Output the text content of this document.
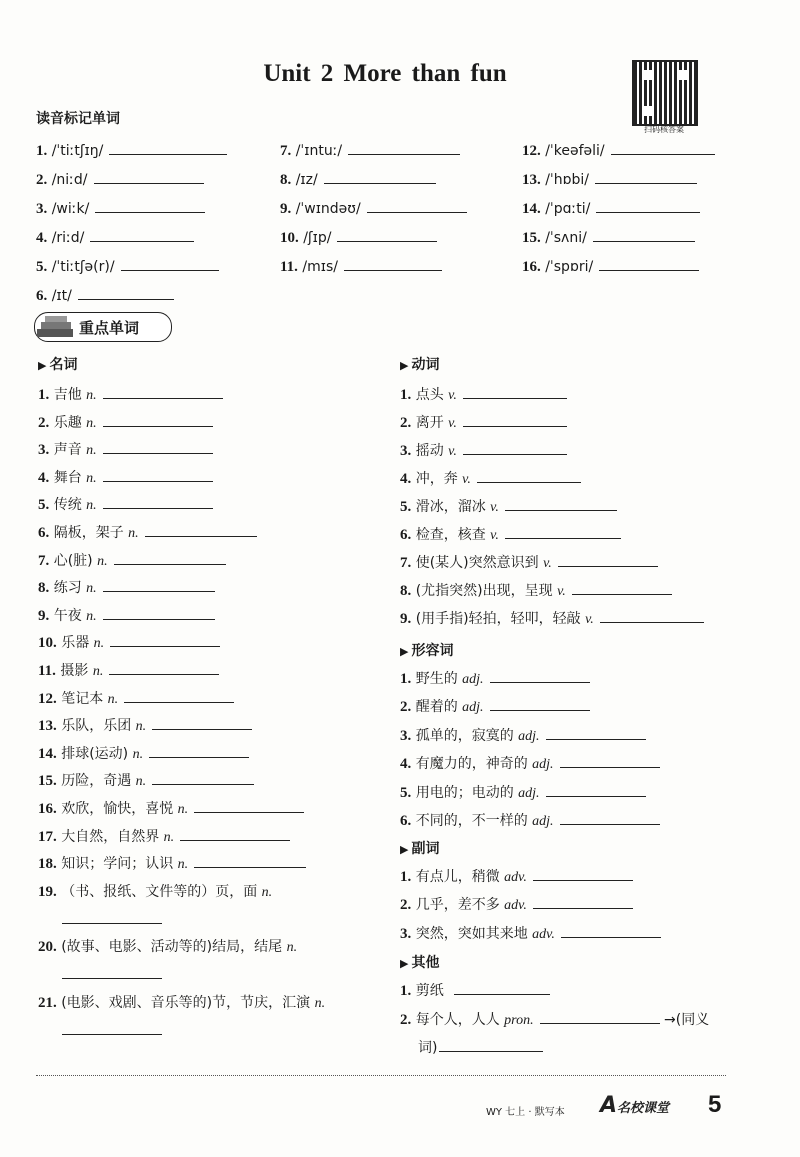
Unit 2 More than fun
扫码核答案
读音标记单词
1. /ˈtiːtʃɪŋ/
2. /niːd/
3. /wiːk/
4. /riːd/
5. /ˈtiːtʃə(r)/
6. /ɪt/
7. /ˈɪntuː/
8. /ɪz/
9. /ˈwɪndəʊ/
10. /ʃɪp/
11. /mɪs/
12. /ˈkeəfəli/
13. /ˈhɒbi/
14. /ˈpɑːti/
15. /ˈsʌni/
16. /ˈspɒri/
重点单词
▶ 名词	▶ 动词
▶ 形容词
▶ 副词
▶ 其他
1. 吉他 n.
2. 乐趣 n.
3. 声音 n.
4. 舞台 n.
5. 传统 n.
6. 隔板，架子 n.
7. 心(脏) n.
8. 练习 n.
9. 午夜 n.
10. 乐器 n.
11. 摄影 n.
12. 笔记本 n.
13. 乐队，乐团 n.
14. 排球(运动) n.
15. 历险，奇遇 n.
16. 欢欣，愉快，喜悦 n.
17. 大自然，自然界 n.
18. 知识；学问；认识 n.
19. （书、报纸、文件等的）页，面 n.
20. (故事、电影、活动等的)结局，结尾 n.
21. (电影、戏剧、音乐等的)节，节庆，汇演 n.
1. 点头 v.
2. 离开 v.
3. 摇动 v.
4. 冲，奔 v.
5. 滑冰，溜冰 v.
6. 检查，核查 v.
7. 使(某人)突然意识到 v.
8. (尤指突然)出现，呈现 v.
9. (用手指)轻拍，轻叩，轻敲 v.
1. 野生的 adj.
2. 醒着的 adj.
3. 孤单的，寂寞的 adj.
4. 有魔力的，神奇的 adj.
5. 用电的；电动的 adj.
6. 不同的，不一样的 adj.
1. 有点儿，稍微 adv.
2. 几乎，差不多 adv.
3. 突然，突如其来地 adv.
1. 剪纸
2. 每个人，人人 pron.	→(同义
词)
WY 七上 · 默写本 A名校课堂 5
